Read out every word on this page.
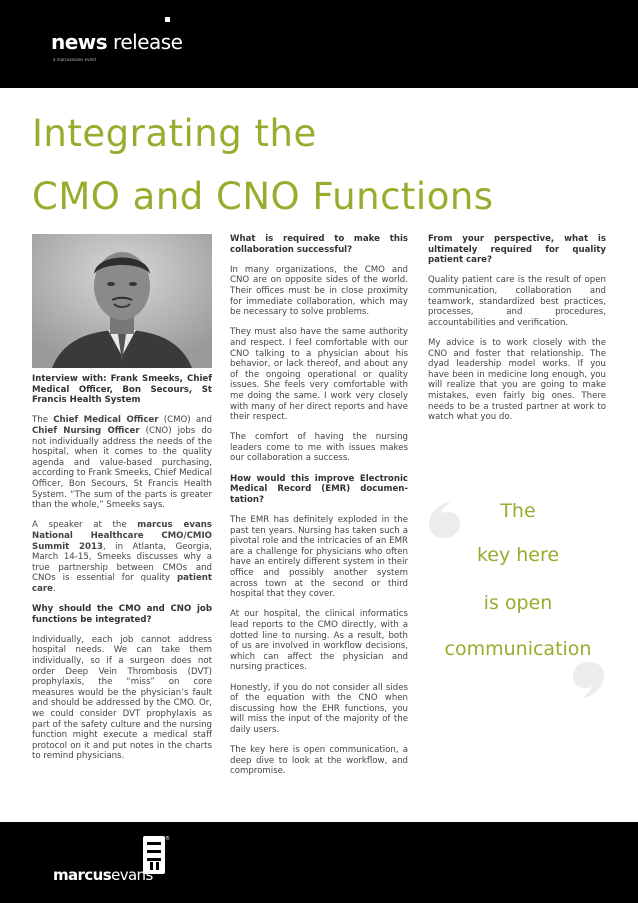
news release
a marcusevans event
Integrating the
CMO and CNO Functions

Interview with: Frank Smeeks, Chief Medical Officer, Bon Secours, St Francis Health System

The Chief Medical Officer (CMO) and Chief Nursing Officer (CNO) jobs do not individually address the needs of the hospital, when it comes to the quality agenda and value-based purchasing, according to Frank Smeeks, Chief Medical Officer, Bon Secours, St Francis Health System. “The sum of the parts is greater than the whole,” Smeeks says.

A speaker at the marcus evans National Healthcare CMO/CMIO Summit 2013, in Atlanta, Georgia, March 14-15, Smeeks discusses why a true partnership between CMOs and CNOs is essential for quality patient care.

Why should the CMO and CNO job functions be integrated?

Individually, each job cannot address hospital needs. We can take them individually, so if a surgeon does not order Deep Vein Thrombosis (DVT) prophylaxis, the “miss” on core measures would be the physician’s fault and should be addressed by the CMO. Or, we could consider DVT prophylaxis as part of the safety culture and the nursing function might execute a medical staff protocol on it and put notes in the charts to remind physicians.

What is required to make this collaboration successful?

In many organizations, the CMO and CNO are on opposite sides of the world. Their offices must be in close proximity for immediate collaboration, which may be necessary to solve problems.

They must also have the same authority and respect. I feel comfortable with our CNO talking to a physician about his behavior, or lack thereof, and about any of the ongoing operational or quality issues. She feels very comfortable with me doing the same. I work very closely with many of her direct reports and have their respect.

The comfort of having the nursing leaders come to me with issues makes our collaboration a success.

How would this improve Electronic Medical Record (EMR) documen-tation?

The EMR has definitely exploded in the past ten years. Nursing has taken such a pivotal role and the intricacies of an EMR are a challenge for physicians who often have an entirely different system in their office and possibly another system across town at the second or third hospital that they cover.

At our hospital, the clinical informatics lead reports to the CMO directly, with a dotted line to nursing. As a result, both of us are involved in workflow decisions, which can affect the physician and nursing practices.

Honestly, if you do not consider all sides of the equation with the CNO when discussing how the EHR functions, you will miss the input of the majority of the daily users.

The key here is open communication, a deep dive to look at the workflow, and compromise.

From your perspective, what is ultimately required for quality patient care?

Quality patient care is the result of open communication, collaboration and teamwork, standardized best practices, processes, and procedures, accountabilities and verification.

My advice is to work closely with the CNO and foster that relationship. The dyad leadership model works. If you have been in medicine long enough, you will realize that you are going to make mistakes, even fairly big ones. There needs to be a trusted partner at work to watch what you do.

The
key here
is open
communication
®
marcusevans
